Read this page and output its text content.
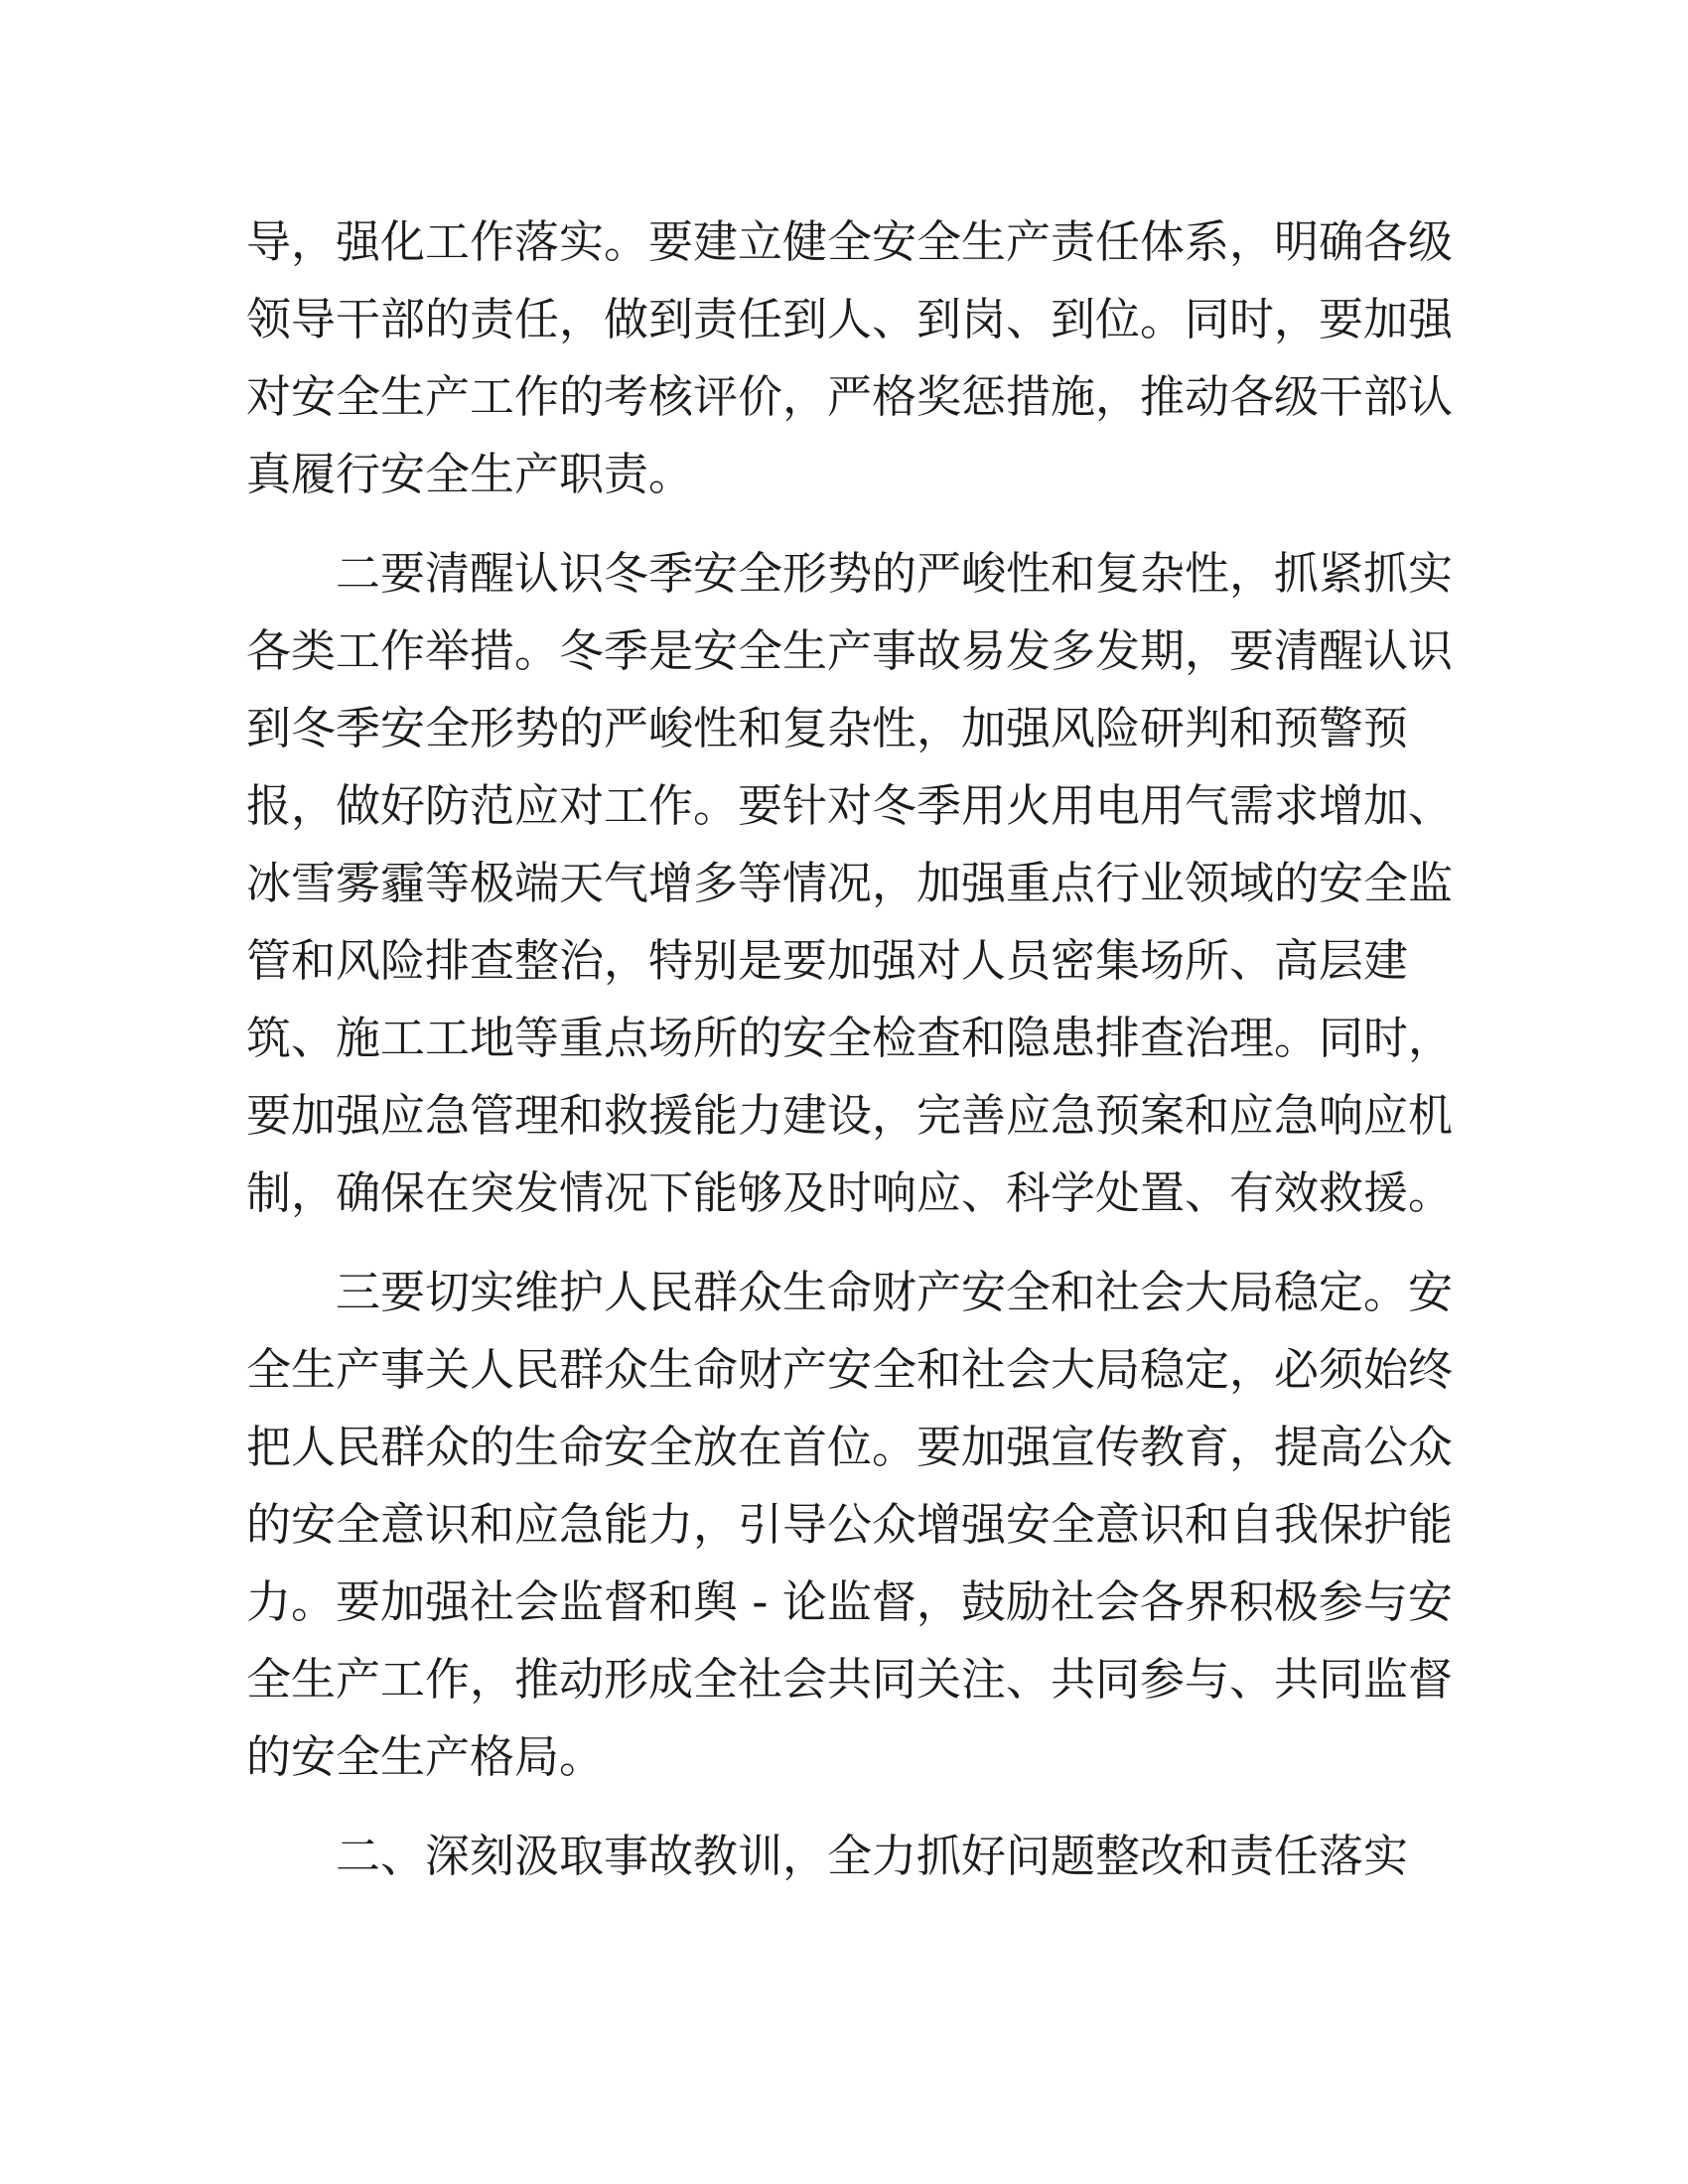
导，强化工作落实。要建立健全安全生产责任体系，明确各级
领导干部的责任，做到责任到人、到岗、到位。同时，要加强
对安全生产工作的考核评价，严格奖惩措施，推动各级干部认
真履行安全生产职责。
二要清醒认识冬季安全形势的严峻性和复杂性，抓紧抓实
各类工作举措。冬季是安全生产事故易发多发期，要清醒认识
到冬季安全形势的严峻性和复杂性，加强风险研判和预警预
报，做好防范应对工作。要针对冬季用火用电用气需求增加、
冰雪雾霾等极端天气增多等情况，加强重点行业领域的安全监
管和风险排查整治，特别是要加强对人员密集场所、高层建
筑、施工工地等重点场所的安全检查和隐患排查治理。同时，
要加强应急管理和救援能力建设，完善应急预案和应急响应机
制，确保在突发情况下能够及时响应、科学处置、有效救援。
三要切实维护人民群众生命财产安全和社会大局稳定。安
全生产事关人民群众生命财产安全和社会大局稳定，必须始终
把人民群众的生命安全放在首位。要加强宣传教育，提高公众
的安全意识和应急能力，引导公众增强安全意识和自我保护能
力。要加强社会监督和舆 - 论监督，鼓励社会各界积极参与安
全生产工作，推动形成全社会共同关注、共同参与、共同监督
的安全生产格局。
二、深刻汲取事故教训，全力抓好问题整改和责任落实
